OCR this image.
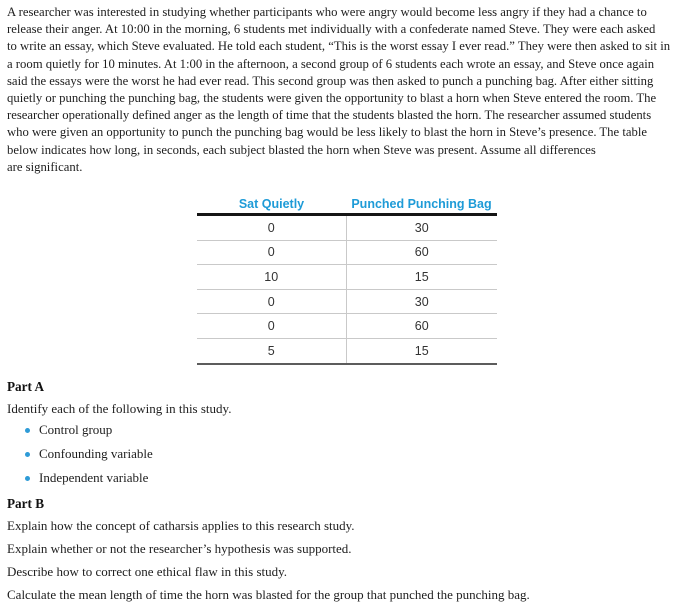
A researcher was interested in studying whether participants who were angry would become less angry if they had a chance to
release their anger. At 10:00 in the morning, 6 students met individually with a confederate named Steve. They were each asked
to write an essay, which Steve evaluated. He told each student, “This is the worst essay I ever read.” They were then asked to sit in
a room quietly for 10 minutes. At 1:00 in the afternoon, a second group of 6 students each wrote an essay, and Steve once again
said the essays were the worst he had ever read. This second group was then asked to punch a punching bag. After either sitting
quietly or punching the punching bag, the students were given the opportunity to blast a horn when Steve entered the room. The
researcher operationally defined anger as the length of time that the students blasted the horn. The researcher assumed students
who were given an opportunity to punch the punching bag would be less likely to blast the horn in Steve’s presence. The table
below indicates how long, in seconds, each subject blasted the horn when Steve was present. Assume all differences
are significant.
Sat Quietly	Punched Punching Bag
0	30
0	60
10	15
0	30
0	60
5	15
Part A
Identify each of the following in this study.
Control group
Confounding variable
Independent variable
Part B
Explain how the concept of catharsis applies to this research study.
Explain whether or not the researcher’s hypothesis was supported.
Describe how to correct one ethical flaw in this study.
Calculate the mean length of time the horn was blasted for the group that punched the punching bag.
